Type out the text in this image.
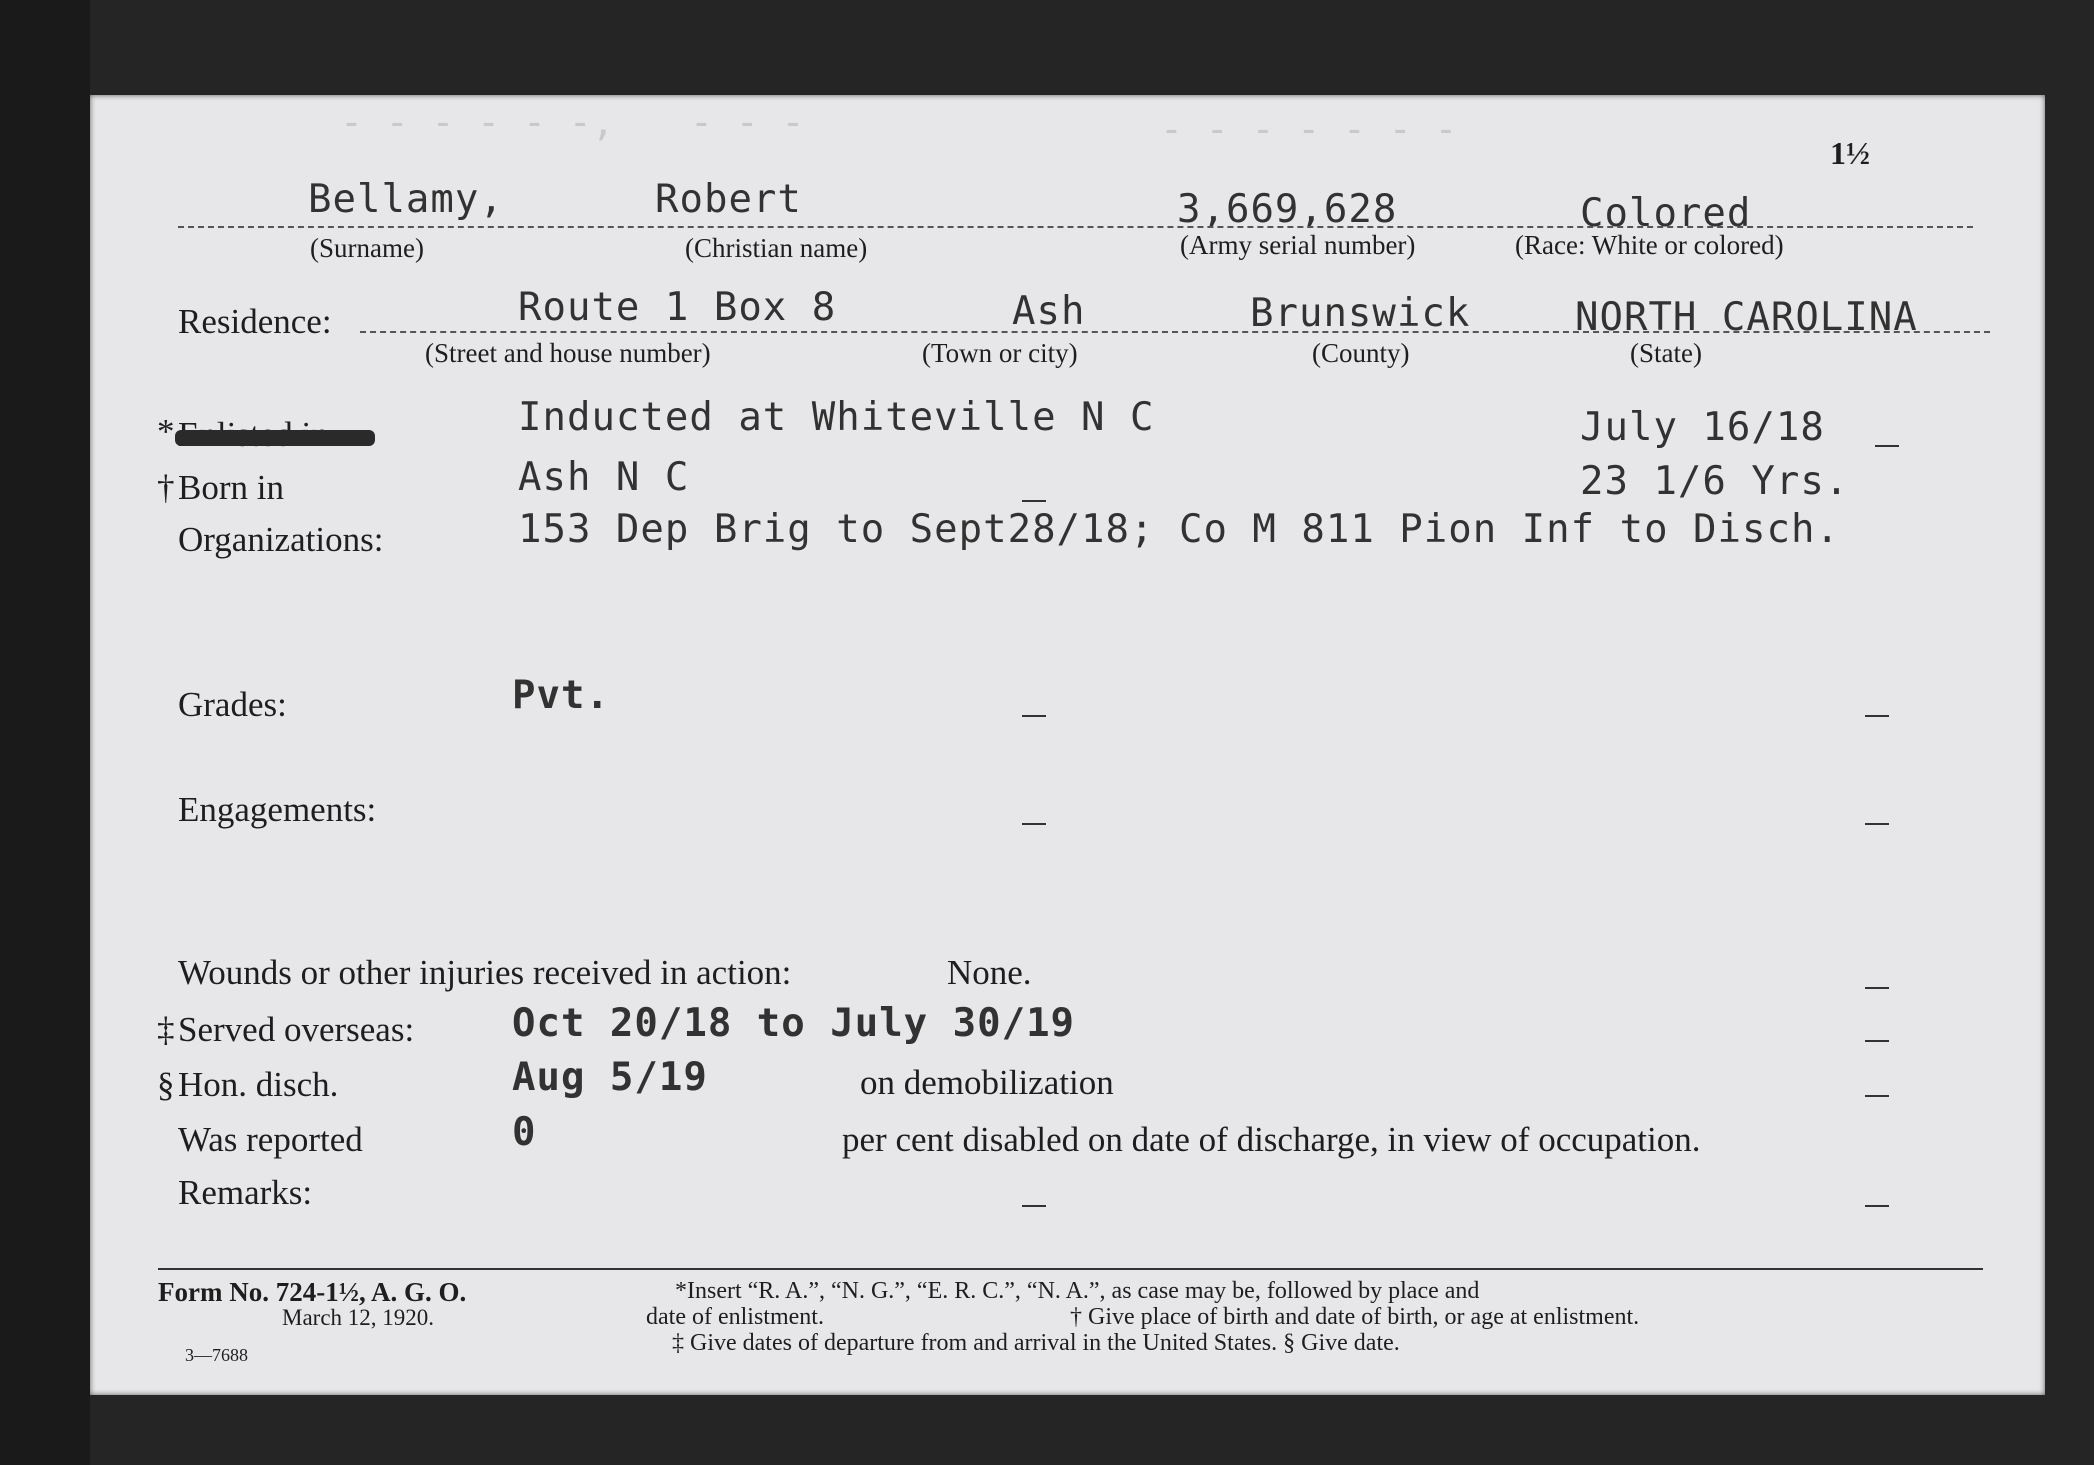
- - - - - -, - - -	- - - - - - -
1½
Bellamy,	Robert	3,669,628	Colored
(Surname)	(Christian name)	(Army serial number)	(Race: White or colored)
Residence:	Route 1 Box 8	Ash	Brunswick	NORTH CAROLINA
(Street and house number)	(Town or city)	(County)	(State)
*	Inducted at Whiteville N C	July 16/18
† Born in	Ash N C	23 1/6 Yrs.
Organizations:	153 Dep Brig to Sept28/18; Co M 811 Pion Inf to Disch.
Grades:	Pvt.
Engagements:
Wounds or other injuries received in action:	None.
‡ Served overseas:	Oct 20/18 to July 30/19
§ Hon. disch.	Aug 5/19	on demobilization
Was reported	0	per cent disabled on date of discharge, in view of occupation.
Remarks:
Form No. 724-1½, A. G. O.
March 12, 1920.
3—7688
*Insert “R. A.”, “N. G.”, “E. R. C.”, “N. A.”, as case may be, followed by place and
date of enlistment.	† Give place of birth and date of birth, or age at enlistment.
‡ Give dates of departure from and arrival in the United States. § Give date.
